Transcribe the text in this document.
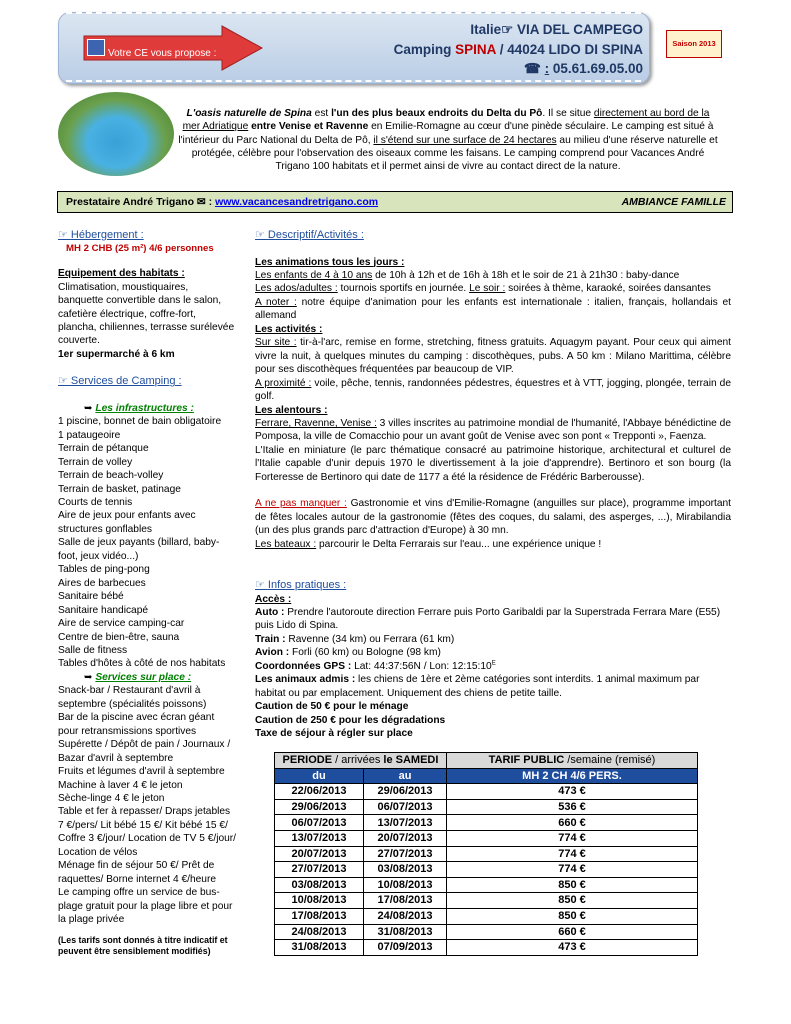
Votre CE vous propose :
Italie☞ VIA DEL CAMPEGO
Camping SPINA / 44024 LIDO DI SPINA
☎ : 05.61.69.05.00
Saison 2013
L'oasis naturelle de Spina est l'un des plus beaux endroits du Delta du Pô. Il se situe directement au bord de la mer Adriatique entre Venise et Ravenne en Emilie-Romagne au cœur d'une pinède séculaire. Le camping est situé à l'intérieur du Parc National du Delta de Pô, il s'étend sur une surface de 24 hectares au milieu d'une réserve naturelle et protégée, célèbre pour l'observation des oiseaux comme les faisans. Le camping comprend pour Vacances André Trigano 100 habitats et il permet ainsi de vivre au contact direct de la nature.
Prestataire André Trigano ✉ : www.vacancesandretrigano.com	AMBIANCE FAMILLE
☞ Hébergement :
MH 2 CHB (25 m²) 4/6 personnes
Equipement des habitats :
Climatisation, moustiquaires, banquette convertible dans le salon, cafetière électrique, coffre-fort, plancha, chiliennes, terrasse surélevée couverte.
1er supermarché à 6 km
☞ Services de Camping :
➥ Les infrastructures :
1 piscine, bonnet de bain obligatoire
1 pataugeoire
Terrain de pétanque
Terrain de volley
Terrain de beach-volley
Terrain de basket, patinage
Courts de tennis
Aire de jeux pour enfants avec structures gonflables
Salle de jeux payants (billard, baby-foot, jeux vidéo...)
Tables de ping-pong
Aires de barbecues
Sanitaire bébé
Sanitaire handicapé
Aire de service camping-car
Centre de bien-être, sauna
Salle de fitness
Tables d'hôtes à côté de nos habitats
➥ Services sur place :
Snack-bar / Restaurant d'avril à septembre (spécialités poissons)
Bar de la piscine avec écran géant pour retransmissions sportives
Supérette / Dépôt de pain / Journaux / Bazar d'avril à septembre
Fruits et légumes d'avril à septembre
Machine à laver 4 € le jeton
Sèche-linge 4 € le jeton
Table et fer à repasser/ Draps jetables 7 €/pers/ Lit bébé 15 €/ Kit bébé 15 €/ Coffre 3 €/jour/ Location de TV 5 €/jour/ Location de vélos
Ménage fin de séjour 50 €/ Prêt de raquettes/ Borne internet 4 €/heure
Le camping offre un service de bus-plage gratuit pour la plage libre et pour la plage privée
(Les tarifs sont donnés à titre indicatif et peuvent être sensiblement modifiés)
☞ Descriptif/Activités :
Les animations tous les jours :
Les enfants de 4 à 10 ans de 10h à 12h et de 16h à 18h et le soir de 21 à 21h30 : baby-dance
Les ados/adultes : tournois sportifs en journée. Le soir : soirées à thème, karaoké, soirées dansantes
A noter : notre équipe d'animation pour les enfants est internationale : italien, français, hollandais et allemand
Les activités :
Sur site : tir-à-l'arc, remise en forme, stretching, fitness gratuits. Aquagym payant. Pour ceux qui aiment vivre la nuit, à quelques minutes du camping : discothèques, pubs. A 50 km : Milano Marittima, célèbre pour ses discothèques fréquentées par beaucoup de VIP.
A proximité : voile, pêche, tennis, randonnées pédestres, équestres et à VTT, jogging, plongée, terrain de golf.
Les alentours :
Ferrare, Ravenne, Venise : 3 villes inscrites au patrimoine mondial de l'humanité, l'Abbaye bénédictine de Pomposa, la ville de Comacchio pour un avant goût de Venise avec son pont « Trepponti », Faenza.
L'Italie en miniature (le parc thématique consacré au patrimoine historique, architectural et culturel de l'Italie capable d'unir depuis 1970 le divertissement à la joie d'apprendre). Bertinoro et son bourg (la Forteresse de Bertinoro qui date de 1177 a été la résidence de Frédéric Barberousse).
A ne pas manquer : Gastronomie et vins d'Emilie-Romagne (anguilles sur place), programme important de fêtes locales autour de la gastronomie (fêtes des coques, du salami, des asperges, ...), Mirabilandia (un des plus grands parc d'attraction d'Europe) à 30 mn.
Les bateaux : parcourir le Delta Ferrarais sur l'eau... une expérience unique !
☞ Infos pratiques :
Accès :
Auto : Prendre l'autoroute direction Ferrare puis Porto Garibaldi par la Superstrada Ferrara Mare (E55) puis Lido di Spina.
Train : Ravenne (34 km) ou Ferrara (61 km)
Avion : Forli (60 km) ou Bologne (98 km)
Coordonnées GPS : Lat: 44:37:56N / Lon: $12:15:10^E$
Les animaux admis : les chiens de 1ère et 2ème catégories sont interdits. 1 animal maximum par habitat ou par emplacement. Uniquement des chiens de petite taille.
Caution de 50 € pour le ménage
Caution de 250 € pour les dégradations
Taxe de séjour à régler sur place
PERIODE / arrivées le SAMEDI		TARIF PUBLIC /semaine (remisé)
du	au	MH 2 CH 4/6 PERS.
22/06/2013	29/06/2013	473 €
29/06/2013	06/07/2013	536 €
06/07/2013	13/07/2013	660 €
13/07/2013	20/07/2013	774 €
20/07/2013	27/07/2013	774 €
27/07/2013	03/08/2013	774 €
03/08/2013	10/08/2013	850 €
10/08/2013	17/08/2013	850 €
17/08/2013	24/08/2013	850 €
24/08/2013	31/08/2013	660 €
31/08/2013	07/09/2013	473 €
